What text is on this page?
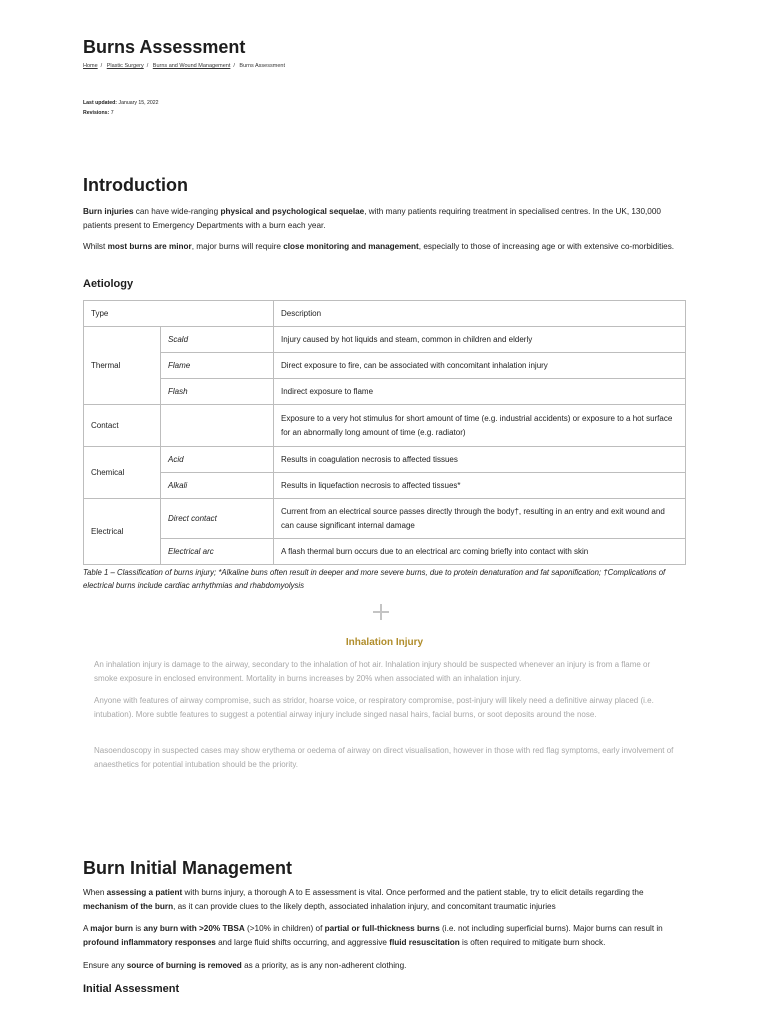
Burns Assessment
Home / Plastic Surgery / Burns and Wound Management / Burns Assessment
Last updated: January 15, 2022
Revisions: 7
Introduction

Burn injuries can have wide-ranging physical and psychological sequelae, with many patients requiring treatment in specialised centres. In the UK, 130,000 patients present to Emergency Departments with a burn each year.

Whilst most burns are minor, major burns will require close monitoring and management, especially to those of increasing age or with extensive co-morbidities.

Aetiology
Type		Description
Thermal	Scald	Injury caused by hot liquids and steam, common in children and elderly
	Flame	Direct exposure to fire, can be associated with concomitant inhalation injury
	Flash	Indirect exposure to flame
Contact		Exposure to a very hot stimulus for short amount of time (e.g. industrial accidents) or exposure to a hot surface for an abnormally long amount of time (e.g. radiator)
Chemical	Acid	Results in coagulation necrosis to affected tissues
	Alkali	Results in liquefaction necrosis to affected tissues*
Electrical	Direct contact	Current from an electrical source passes directly through the body†, resulting in an entry and exit wound and can cause significant internal damage
	Electrical arc	A flash thermal burn occurs due to an electrical arc coming briefly into contact with skin
Table 1 – Classification of burns injury; *Alkaline buns often result in deeper and more severe burns, due to protein denaturation and fat saponification; †Complications of electrical burns include cardiac arrhythmias and rhabdomyolysis
Inhalation Injury

An inhalation injury is damage to the airway, secondary to the inhalation of hot air. Inhalation injury should be suspected whenever an injury is from a flame or smoke exposure in enclosed environment. Mortality in burns increases by 20% when associated with an inhalation injury.

Anyone with features of airway compromise, such as stridor, hoarse voice, or respiratory compromise, post-injury will likely need a definitive airway placed (i.e. intubation). More subtle features to suggest a potential airway injury include singed nasal hairs, facial burns, or soot deposits around the nose.

Nasoendoscopy in suspected cases may show erythema or oedema of airway on direct visualisation, however in those with red flag symptoms, early involvement of anaesthetics for potential intubation should be the priority.

Burn Initial Management

When assessing a patient with burns injury, a thorough A to E assessment is vital. Once performed and the patient stable, try to elicit details regarding the mechanism of the burn, as it can provide clues to the likely depth, associated inhalation injury, and concomitant traumatic injuries

A major burn is any burn with >20% TBSA (>10% in children) of partial or full-thickness burns (i.e. not including superficial burns). Major burns can result in profound inflammatory responses and large fluid shifts occurring, and aggressive fluid resuscitation is often required to mitigate burn shock.

Ensure any source of burning is removed as a priority, as is any non-adherent clothing.

Initial Assessment
